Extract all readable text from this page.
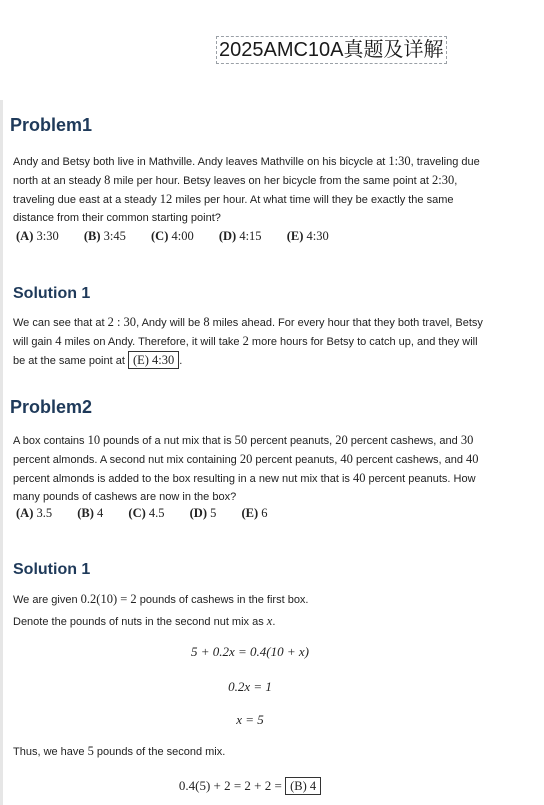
2025AMC10A真题及详解
Problem1

Andy and Betsy both live in Mathville. Andy leaves Mathville on his bicycle at 1:30, traveling due north at an steady 8 mile per hour. Betsy leaves on her bicycle from the same point at 2:30, traveling due east at a steady 12 miles per hour. At what time will they be exactly the same distance from their common starting point?

(A) 3:30 (B) 3:45 (C) 4:00 (D) 4:15 (E) 4:30
Solution 1

We can see that at 2 : 30, Andy will be 8 miles ahead. For every hour that they both travel, Betsy will gain 4 miles on Andy. Therefore, it will take 2 more hours for Betsy to catch up, and they will be at the same point at (E) 4:30 .

Problem2

A box contains 10 pounds of a nut mix that is 50 percent peanuts, 20 percent cashews, and 30 percent almonds. A second nut mix containing 20 percent peanuts, 40 percent cashews, and 40 percent almonds is added to the box resulting in a new nut mix that is 40 percent peanuts. How many pounds of cashews are now in the box?

(A) 3.5 (B) 4 (C) 4.5 (D) 5 (E) 6
Solution 1

We are given 0.2(10) = 2 pounds of cashews in the first box.

Denote the pounds of nuts in the second nut mix as x.

5 + 0.2x = 0.4(10 + x)
0.2x = 1
x = 5

Thus, we have 5 pounds of the second mix.

0.4(5) + 2 = 2 + 2 = (B) 4
